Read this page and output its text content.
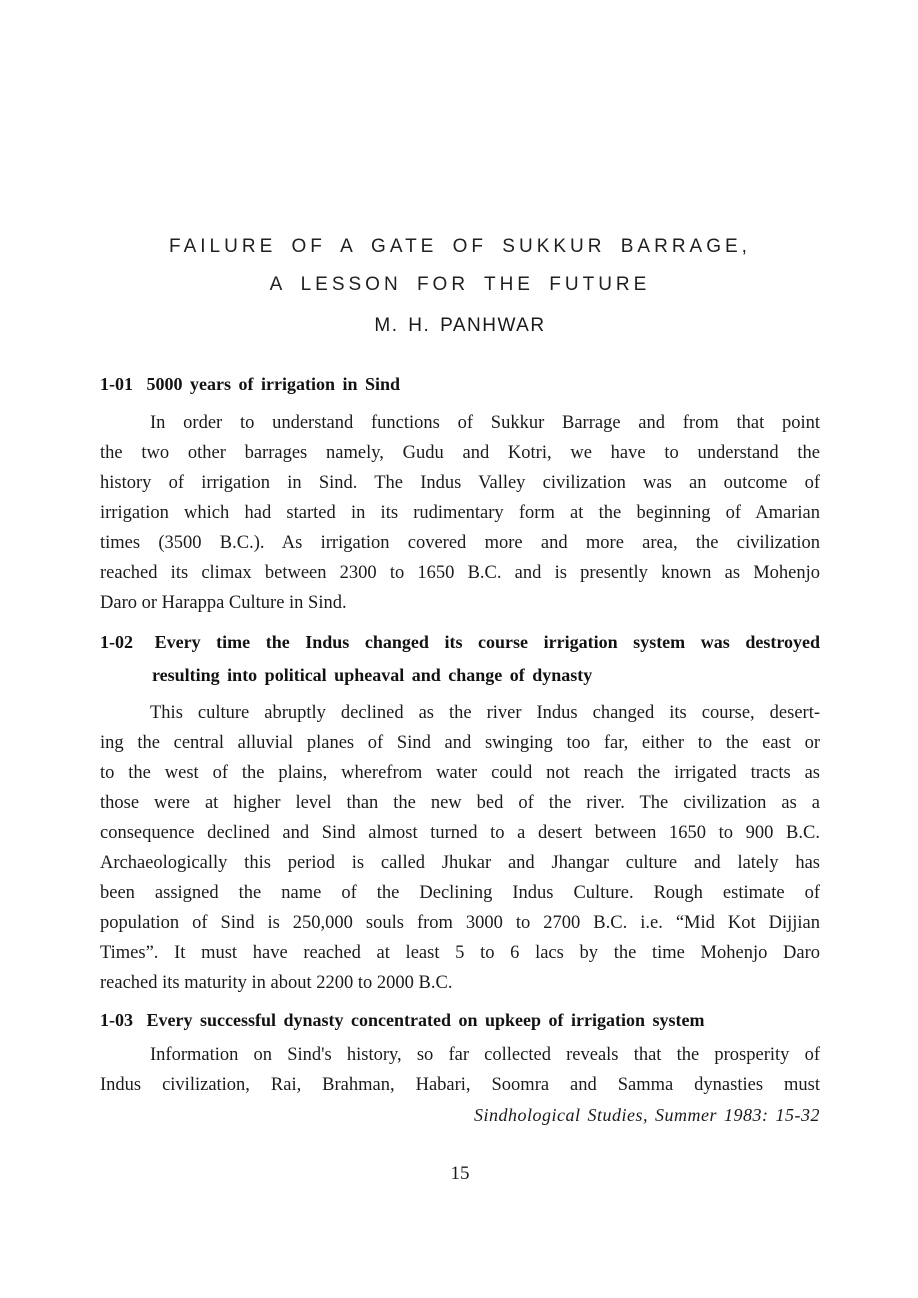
FAILURE OF A GATE OF SUKKUR BARRAGE,
A LESSON FOR THE FUTURE
M. H. PANHWAR
1-01 5000 years of irrigation in Sind
In order to understand functions of Sukkur Barrage and from that point
the two other barrages namely, Gudu and Kotri, we have to understand the
history of irrigation in Sind. The Indus Valley civilization was an outcome of
irrigation which had started in its rudimentary form at the beginning of Amarian
times (3500 B.C.). As irrigation covered more and more area, the civilization
reached its climax between 2300 to 1650 B.C. and is presently known as Mohenjo
Daro or Harappa Culture in Sind.
1-02 Every time the Indus changed its course irrigation system was destroyed
resulting into political upheaval and change of dynasty
This culture abruptly declined as the river Indus changed its course, desert-
ing the central alluvial planes of Sind and swinging too far, either to the east or
to the west of the plains, wherefrom water could not reach the irrigated tracts as
those were at higher level than the new bed of the river. The civilization as a
consequence declined and Sind almost turned to a desert between 1650 to 900 B.C.
Archaeologically this period is called Jhukar and Jhangar culture and lately has
been assigned the name of the Declining Indus Culture. Rough estimate of
population of Sind is 250,000 souls from 3000 to 2700 B.C. i.e. “Mid Kot Dijjian
Times”. It must have reached at least 5 to 6 lacs by the time Mohenjo Daro
reached its maturity in about 2200 to 2000 B.C.
1-03 Every successful dynasty concentrated on upkeep of irrigation system
Information on Sind's history, so far collected reveals that the prosperity of
Indus civilization, Rai, Brahman, Habari, Soomra and Samma dynasties must
Sindhological Studies, Summer 1983: 15-32
15
